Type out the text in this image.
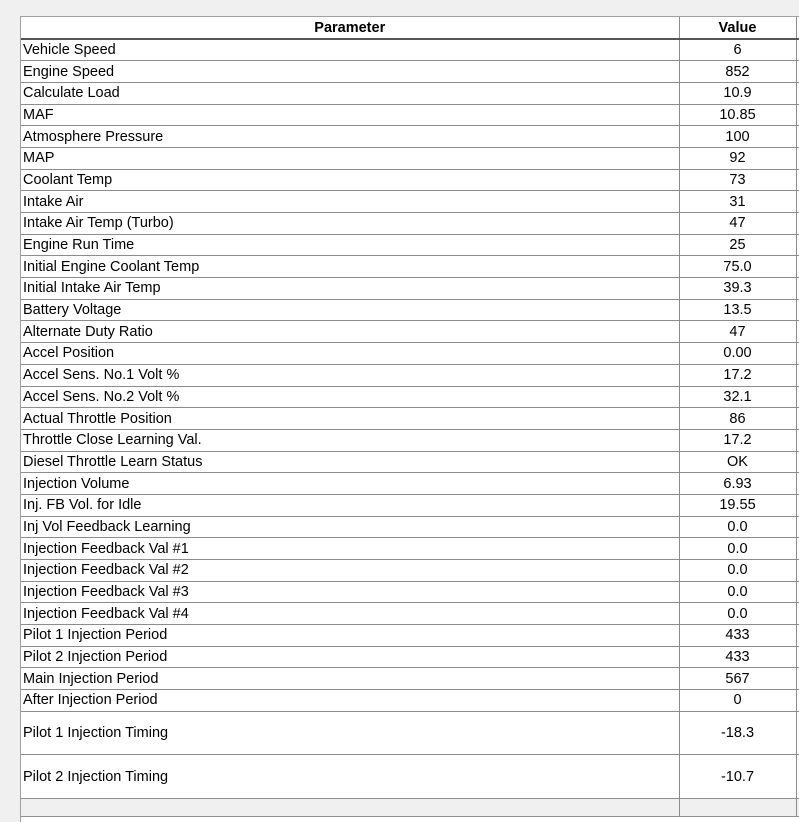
Parameter	Value	
Vehicle Speed	6	
Engine Speed	852	
Calculate Load	10.9	
MAF	10.85	
Atmosphere Pressure	100	
MAP	92	
Coolant Temp	73	
Intake Air	31	
Intake Air Temp (Turbo)	47	
Engine Run Time	25	
Initial Engine Coolant Temp	75.0	
Initial Intake Air Temp	39.3	
Battery Voltage	13.5	
Alternate Duty Ratio	47	
Accel Position	0.00	
Accel Sens. No.1 Volt %	17.2	
Accel Sens. No.2 Volt %	32.1	
Actual Throttle Position	86	
Throttle Close Learning Val.	17.2	
Diesel Throttle Learn Status	OK	
Injection Volume	6.93	
Inj. FB Vol. for Idle	19.55	
Inj Vol Feedback Learning	0.0	
Injection Feedback Val #1	0.0	
Injection Feedback Val #2	0.0	
Injection Feedback Val #3	0.0	
Injection Feedback Val #4	0.0	
Pilot 1 Injection Period	433	
Pilot 2 Injection Period	433	
Main Injection Period	567	
After Injection Period	0	
Pilot 1 Injection Timing	-18.3	
Pilot 2 Injection Timing	-10.7	
